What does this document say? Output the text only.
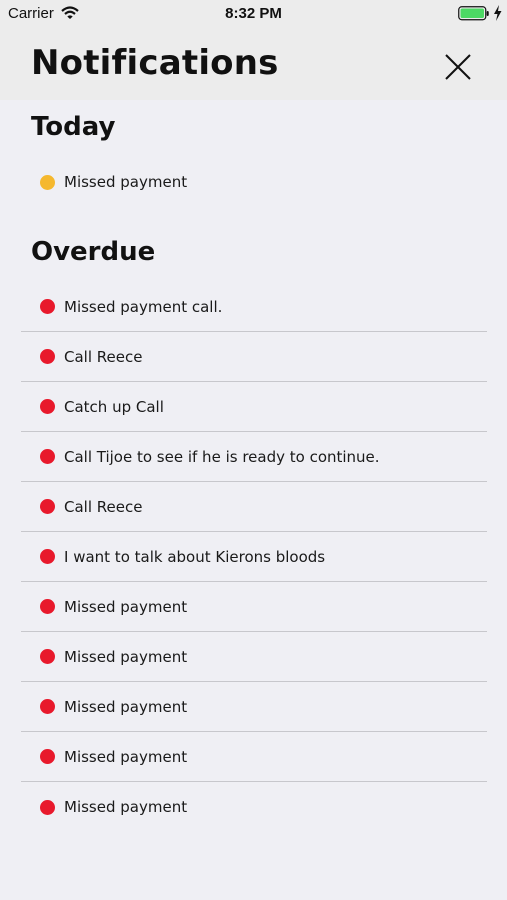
Carrier	8:32 PM
Notifications
Today
Missed payment
Overdue
Missed payment call.
Call Reece
Catch up Call
Call Tijoe to see if he is ready to continue.
Call Reece
I want to talk about Kierons bloods
Missed payment
Missed payment
Missed payment
Missed payment
Missed payment
